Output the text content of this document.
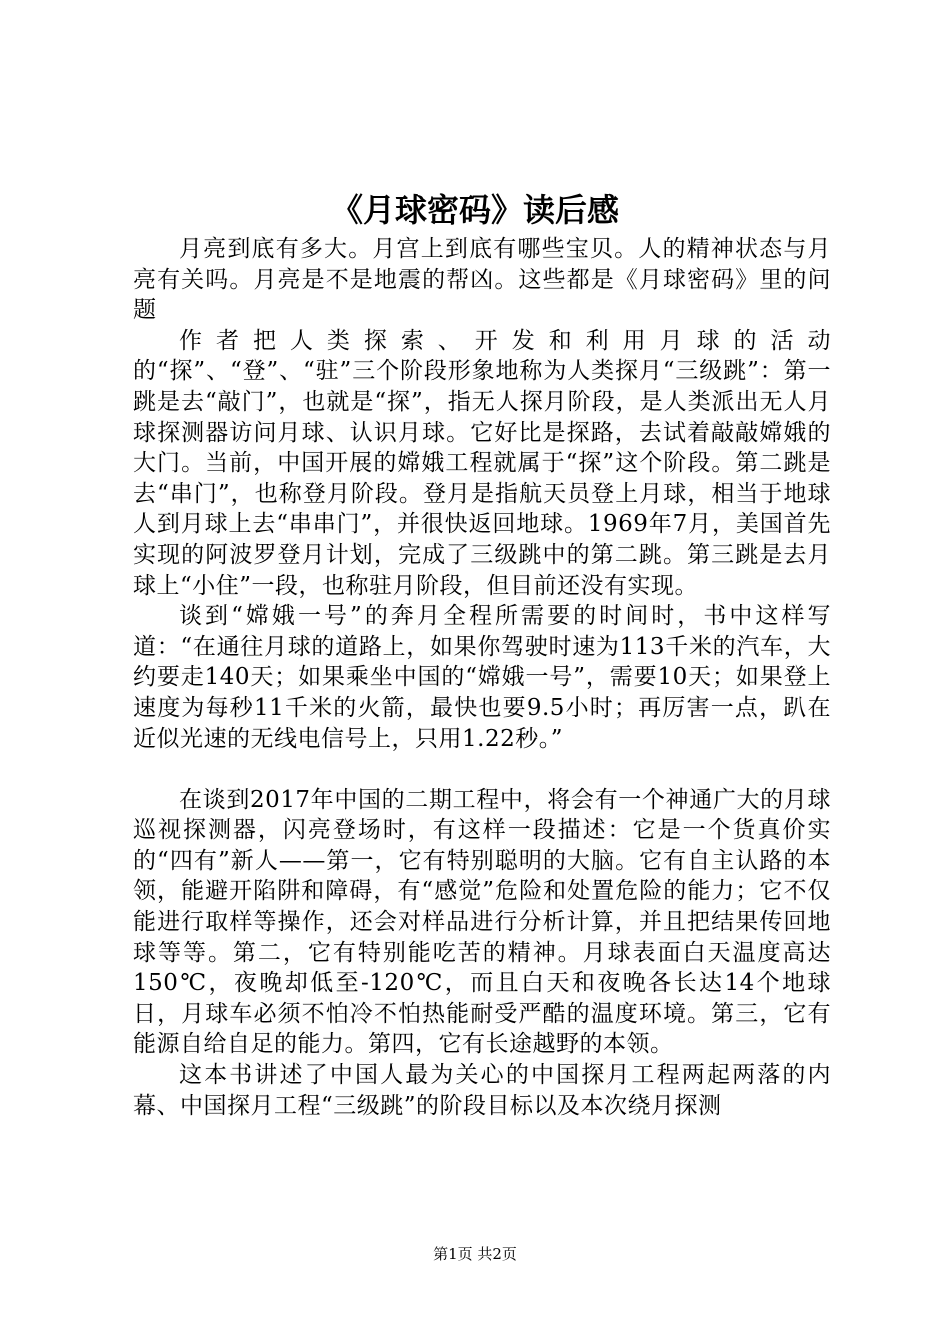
《月球密码》读后感

月亮到底有多大。月宫上到底有哪些宝贝。人的精神状态与月亮有关吗。月亮是不是地震的帮凶。这些都是《月球密码》里的问题

作者把人类探索、开发和利用月球的活动的“探”、“登”、“驻”三个阶段形象地称为人类探月“三级跳”：第一跳是去“敲门”，也就是“探”，指无人探月阶段，是人类派出无人月球探测器访问月球、认识月球。它好比是探路，去试着敲敲嫦娥的大门。当前，中国开展的嫦娥工程就属于“探”这个阶段。第二跳是去“串门”，也称登月阶段。登月是指航天员登上月球，相当于地球人到月球上去“串串门”，并很快返回地球。1969年7月，美国首先实现的阿波罗登月计划，完成了三级跳中的第二跳。第三跳是去月球上“小住”一段，也称驻月阶段，但目前还没有实现。

谈到“嫦娥一号”的奔月全程所需要的时间时，书中这样写道：“在通往月球的道路上，如果你驾驶时速为113千米的汽车，大约要走140天；如果乘坐中国的“嫦娥一号”，需要10天；如果登上速度为每秒11千米的火箭，最快也要9.5小时；再厉害一点，趴在近似光速的无线电信号上，只用1.22秒。”

在谈到2017年中国的二期工程中，将会有一个神通广大的月球巡视探测器，闪亮登场时，有这样一段描述：它是一个货真价实的“四有”新人——第一，它有特别聪明的大脑。它有自主认路的本领，能避开陷阱和障碍，有“感觉”危险和处置危险的能力；它不仅能进行取样等操作，还会对样品进行分析计算，并且把结果传回地球等等。第二，它有特别能吃苦的精神。月球表面白天温度高达150℃，夜晚却低至-120℃，而且白天和夜晚各长达14个地球日，月球车必须不怕冷不怕热能耐受严酷的温度环境。第三，它有能源自给自足的能力。第四，它有长途越野的本领。

这本书讲述了中国人最为关心的中国探月工程两起两落的内幕、中国探月工程“三级跳”的阶段目标以及本次绕月探测

第1页 共2页
